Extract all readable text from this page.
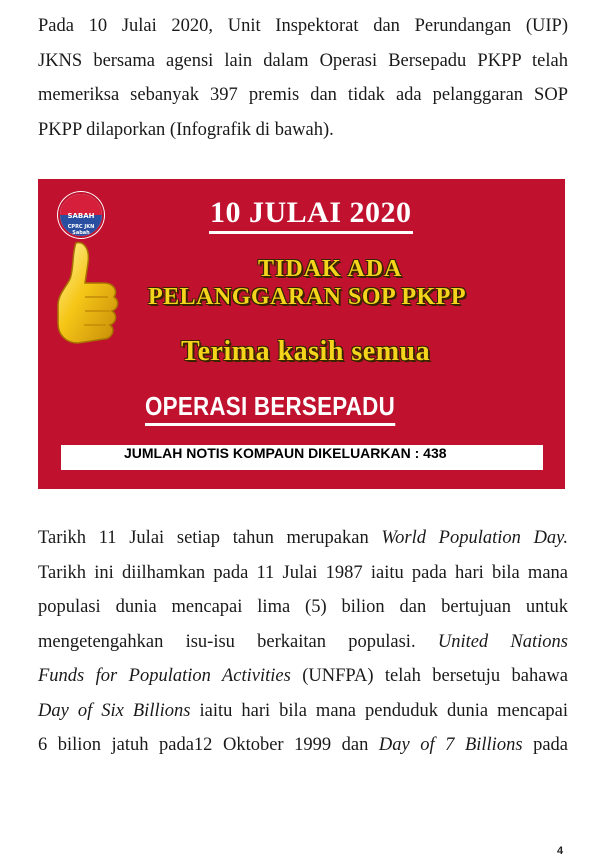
Pada 10 Julai 2020, Unit Inspektorat dan Perundangan (UIP)
JKNS bersama agensi lain dalam Operasi Bersepadu PKPP telah
memeriksa sebanyak 397 premis dan tidak ada pelanggaran SOP
PKPP dilaporkan (Infografik di bawah).
SABAH
CPRC JKN Sabah
10 JULAI 2020
TIDAK ADA
PELANGGARAN SOP PKPP
Terima kasih semua
OPERASI BERSEPADU
JUMLAH NOTIS KOMPAUN DIKELUARKAN : 438
Tarikh 11 Julai setiap tahun merupakan World Population Day.
Tarikh ini diilhamkan pada 11 Julai 1987 iaitu pada hari bila mana
populasi dunia mencapai lima (5) bilion dan bertujuan untuk
mengetengahkan isu-isu berkaitan populasi. United Nations
Funds for Population Activities (UNFPA) telah bersetuju bahawa
Day of Six Billions iaitu hari bila mana penduduk dunia mencapai
6 bilion jatuh pada12 Oktober 1999 dan Day of 7 Billions pada
4
